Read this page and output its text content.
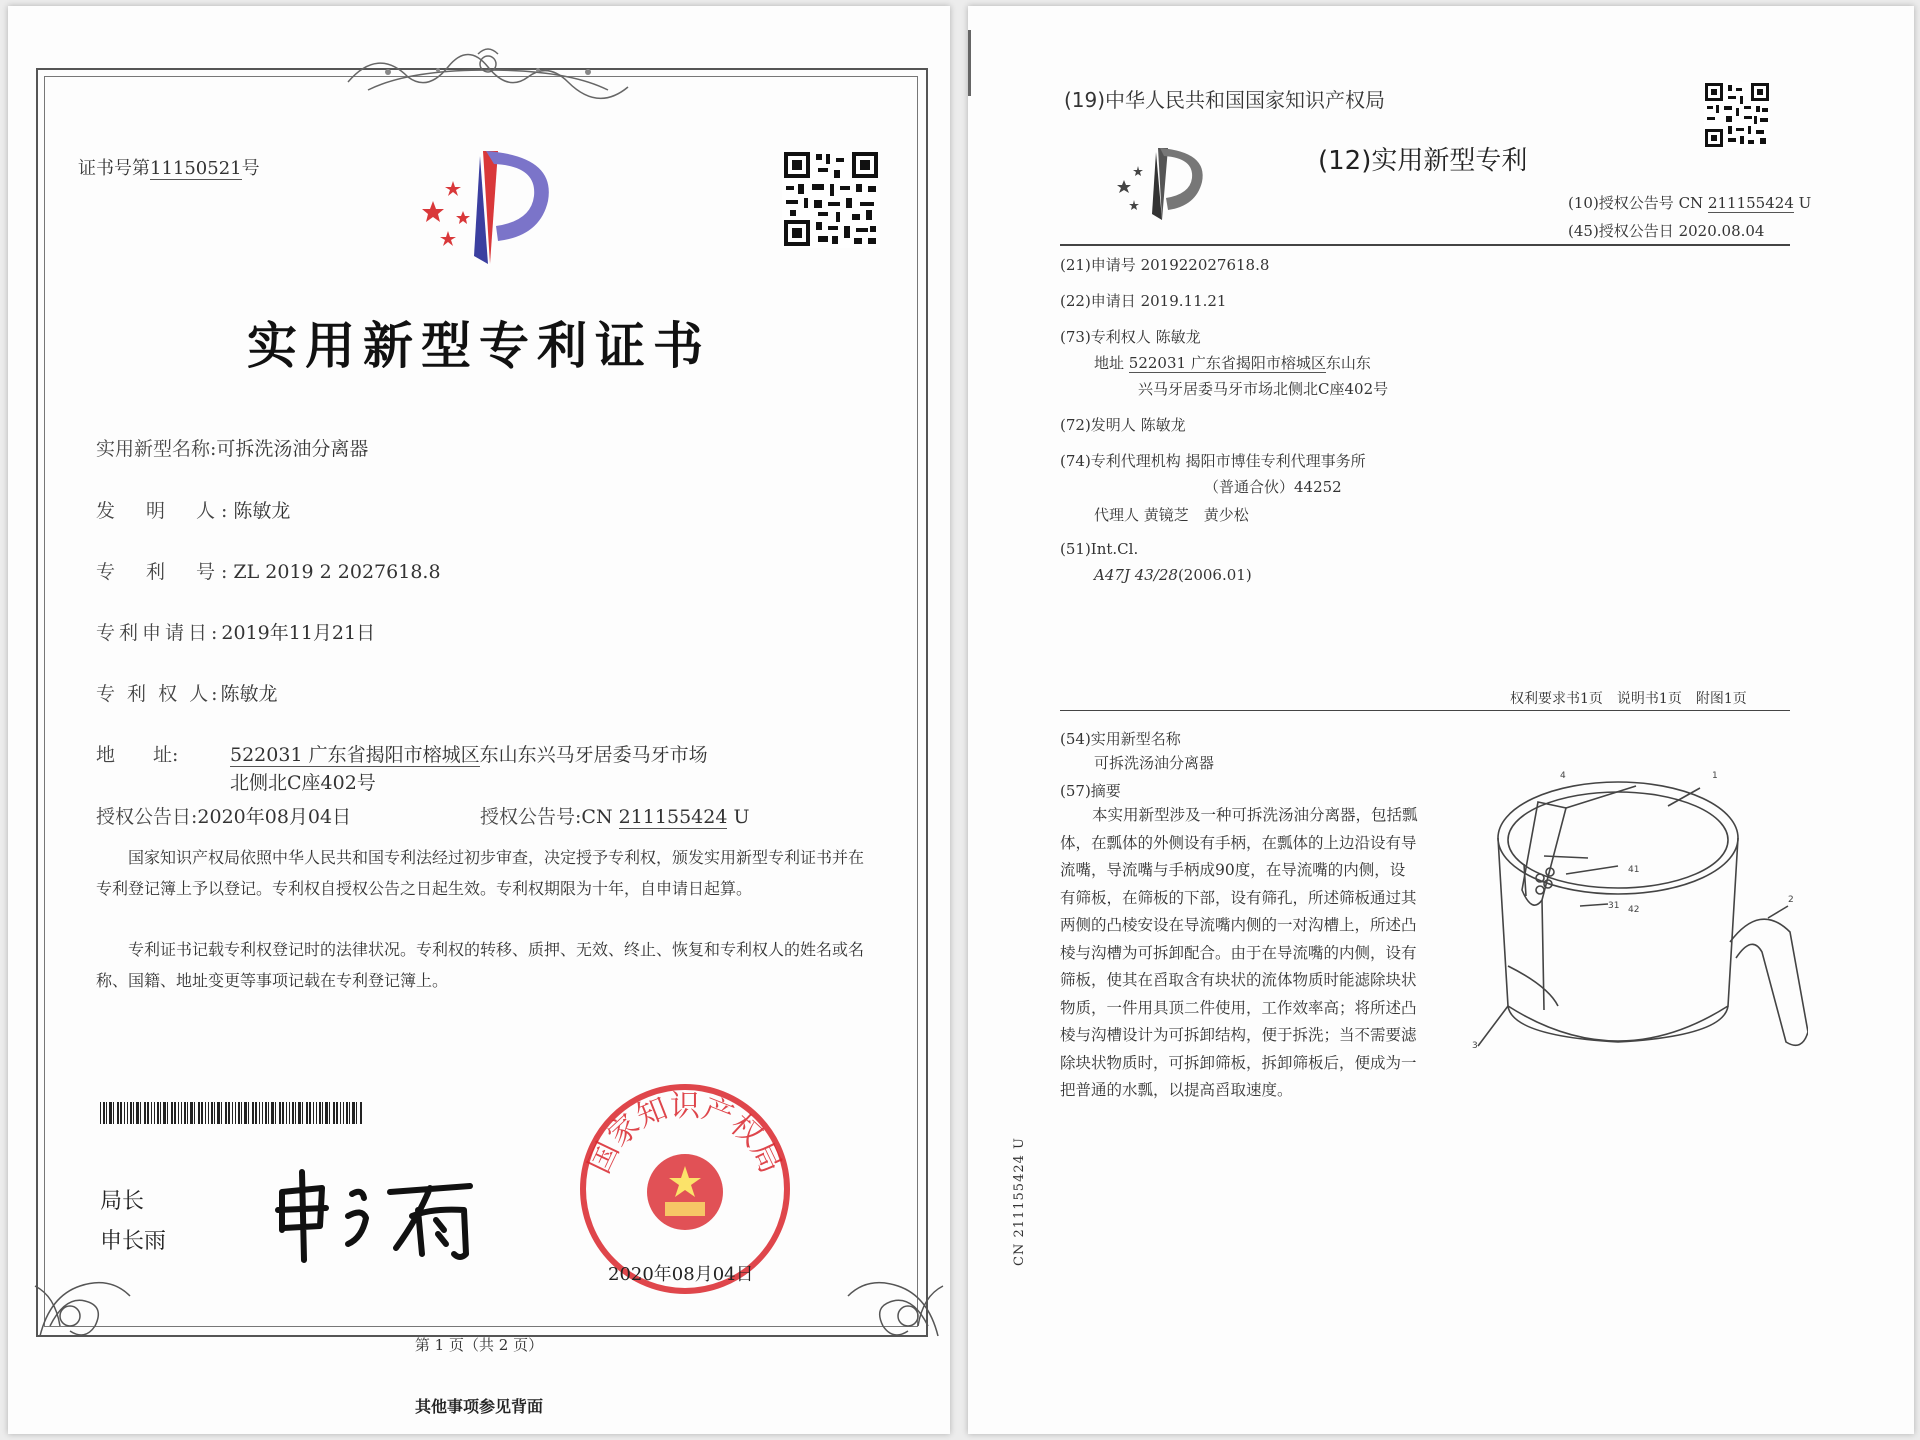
证书号第11150521号
实用新型专利证书
实用新型名称:可拆洗汤油分离器
发　明　人:陈敏龙
专　利　号:ZL 2019 2 2027618.8
专利申请日:2019年11月21日
专 利 权 人:陈敏龙
地　　址:	522031 广东省揭阳市榕城区东山东兴马牙居委马牙市场
北侧北C座402号
授权公告日:2020年08月04日	授权公告号:CN 211155424 U
国家知识产权局依照中华人民共和国专利法经过初步审查，决定授予专利权，颁发实用新型专利证书并在专利登记簿上予以登记。专利权自授权公告之日起生效。专利权期限为十年，自申请日起算。
专利证书记载专利权登记时的法律状况。专利权的转移、质押、无效、终止、恢复和专利权人的姓名或名称、国籍、地址变更等事项记载在专利登记簿上。
局长
申长雨
国家知识产权局
2020年08月04日
第 1 页（共 2 页）
其他事项参见背面
(19)中华人民共和国国家知识产权局
(12)实用新型专利
(10)授权公告号 CN 211155424 U
(45)授权公告日 2020.08.04
(21)申请号 201922027618.8
(22)申请日 2019.11.21
(73)专利权人 陈敏龙
地址 522031 广东省揭阳市榕城区东山东
兴马牙居委马牙市场北侧北C座402号
(72)发明人 陈敏龙
(74)专利代理机构 揭阳市博佳专利代理事务所
（普通合伙）44252
代理人 黄镜芝　黄少松
(51)Int.Cl.
A47J 43/28(2006.01)
权利要求书1页　说明书1页　附图1页
(54)实用新型名称
可拆洗汤油分离器
(57)摘要
本实用新型涉及一种可拆洗汤油分离器，包括瓢体，在瓢体的外侧设有手柄，在瓢体的上边沿设有导流嘴，导流嘴与手柄成90度，在导流嘴的内侧，设有筛板，在筛板的下部，设有筛孔，所述筛板通过其两侧的凸棱安设在导流嘴内侧的一对沟槽上，所述凸棱与沟槽为可拆卸配合。由于在导流嘴的内侧，设有筛板，使其在舀取含有块状的流体物质时能滤除块状物质，一件用具顶二件使用，工作效率高；将所述凸棱与沟槽设计为可拆卸结构，便于拆洗；当不需要滤除块状物质时，可拆卸筛板，拆卸筛板后，便成为一把普通的水瓢，以提高舀取速度。
CN 211155424 U
4	1
41
42
31
2
3
